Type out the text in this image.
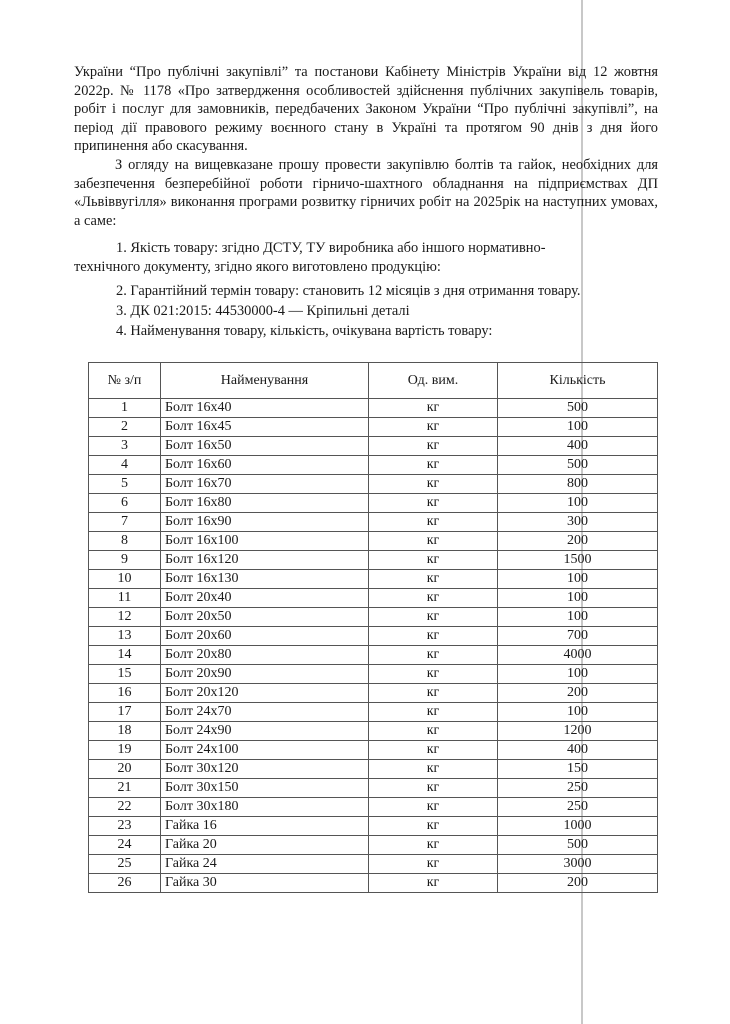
України “Про публічні закупівлі” та постанови Кабінету Міністрів України від 12 жовтня 2022р. № 1178 «Про затвердження особливостей здійснення публічних закупівель товарів, робіт і послуг для замовників, передбачених Законом України “Про публічні закупівлі”, на період дії правового режиму воєнного стану в Україні та протягом 90 днів з дня його припинення або скасування.

З огляду на вищевказане прошу провести закупівлю болтів та гайок, необхідних для забезпечення безперебійної роботи гірничо-шахтного обладнання на підприємствах ДП «Львіввугілля» виконання програми розвитку гірничих робіт на 2025рік на наступних умовах, а саме:

1. Якість товару: згідно ДСТУ, ТУ виробника або іншого нормативно-

технічного документу, згідно якого виготовлено продукцію:

2. Гарантійний термін товару: становить 12 місяців з дня отримання товару.

3. ДК 021:2015: 44530000-4 — Кріпильні деталі

4. Найменування товару, кількість, очікувана вартість товару:

№ з/п	Найменування	Од. вим.	Кількість
1	Болт 16х40	кг	500
2	Болт 16х45	кг	100
3	Болт 16х50	кг	400
4	Болт 16х60	кг	500
5	Болт 16х70	кг	800
6	Болт 16х80	кг	100
7	Болт 16х90	кг	300
8	Болт 16х100	кг	200
9	Болт 16х120	кг	1500
10	Болт 16х130	кг	100
11	Болт 20х40	кг	100
12	Болт 20х50	кг	100
13	Болт 20х60	кг	700
14	Болт 20х80	кг	4000
15	Болт 20х90	кг	100
16	Болт 20х120	кг	200
17	Болт 24х70	кг	100
18	Болт 24х90	кг	1200
19	Болт 24х100	кг	400
20	Болт 30х120	кг	150
21	Болт 30х150	кг	250
22	Болт 30х180	кг	250
23	Гайка 16	кг	1000
24	Гайка 20	кг	500
25	Гайка 24	кг	3000
26	Гайка 30	кг	200
